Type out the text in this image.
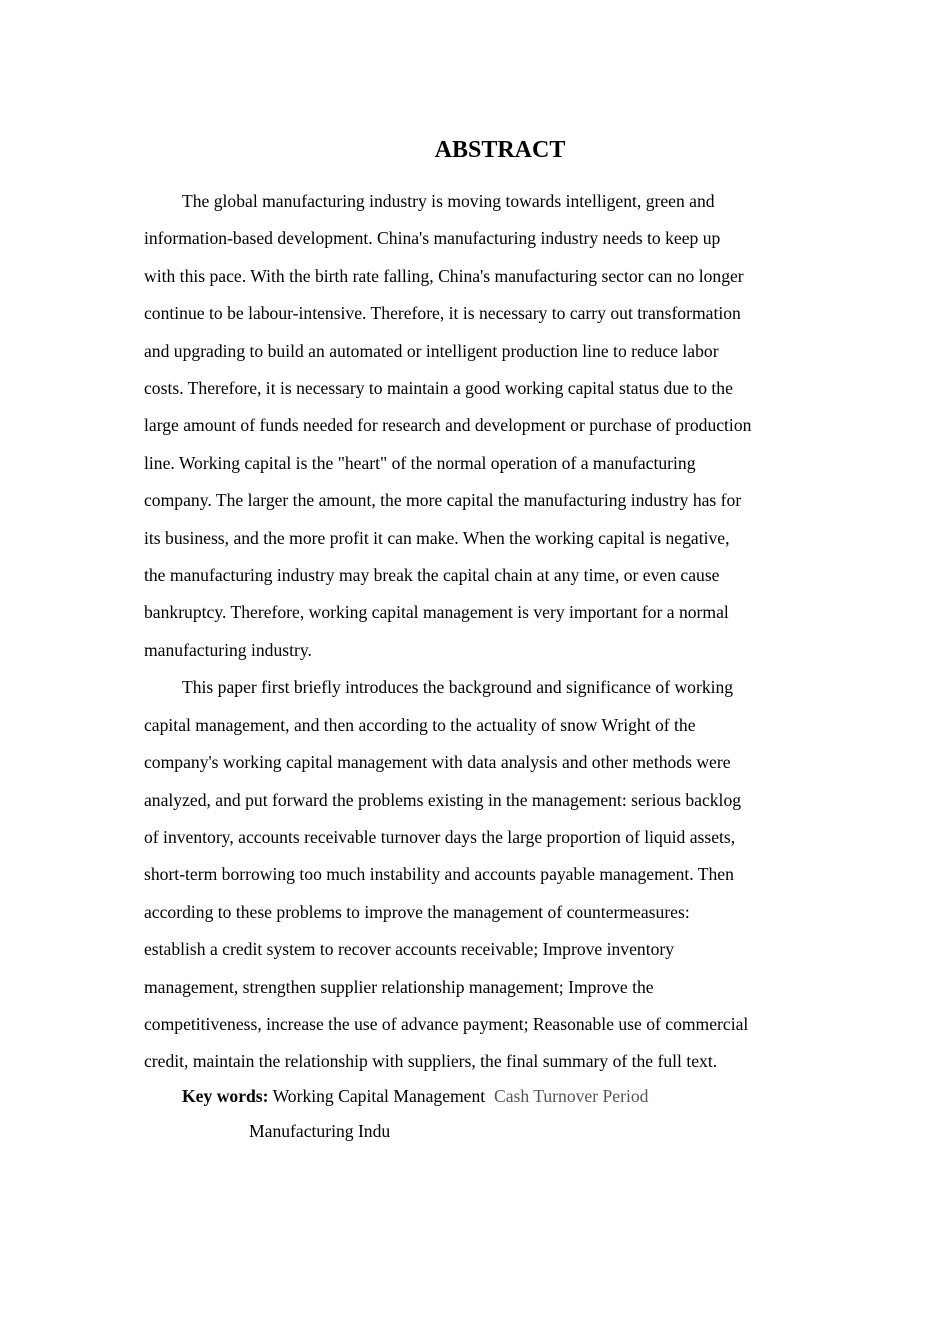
ABSTRACT
The global manufacturing industry is moving towards intelligent, green and
information-based development. China's manufacturing industry needs to keep up
with this pace. With the birth rate falling, China's manufacturing sector can no longer
continue to be labour-intensive. Therefore, it is necessary to carry out transformation
and upgrading to build an automated or intelligent production line to reduce labor
costs. Therefore, it is necessary to maintain a good working capital status due to the
large amount of funds needed for research and development or purchase of production
line. Working capital is the "heart" of the normal operation of a manufacturing
company. The larger the amount, the more capital the manufacturing industry has for
its business, and the more profit it can make. When the working capital is negative,
the manufacturing industry may break the capital chain at any time, or even cause
bankruptcy. Therefore, working capital management is very important for a normal
manufacturing industry.
This paper first briefly introduces the background and significance of working
capital management, and then according to the actuality of snow Wright of the
company's working capital management with data analysis and other methods were
analyzed, and put forward the problems existing in the management: serious backlog
of inventory, accounts receivable turnover days the large proportion of liquid assets,
short-term borrowing too much instability and accounts payable management. Then
according to these problems to improve the management of countermeasures:
establish a credit system to recover accounts receivable; Improve inventory
management, strengthen supplier relationship management; Improve the
competitiveness, increase the use of advance payment; Reasonable use of commercial
credit, maintain the relationship with suppliers, the final summary of the full text.
Key words: Working Capital Management Cash Turnover Period
Manufacturing Indu
